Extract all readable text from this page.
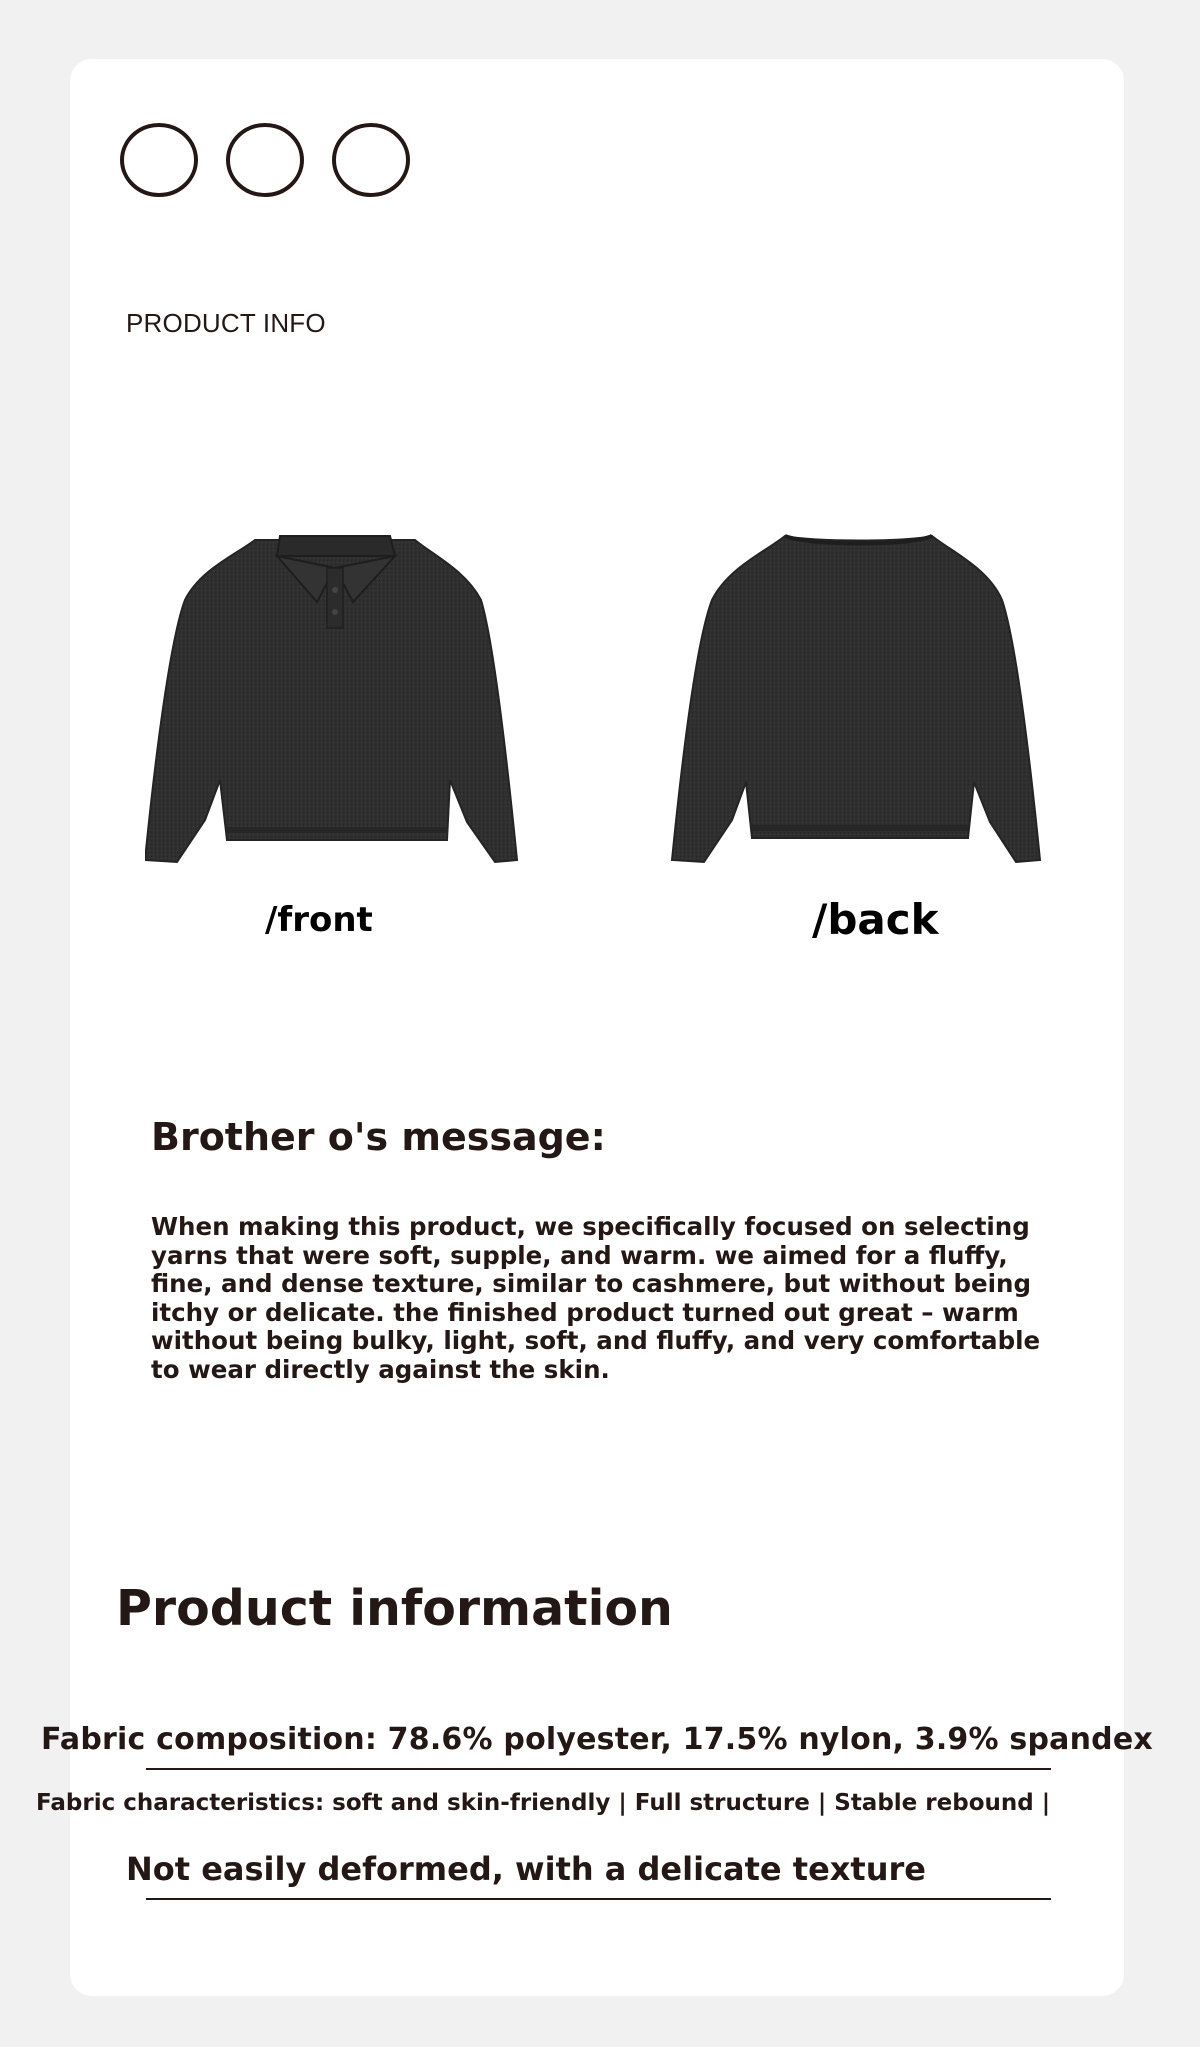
PRODUCT INFO
/front	/back
Brother o's message:
When making this product, we specifically focused on selecting yarns that were soft, supple, and warm. we aimed for a fluffy, fine, and dense texture, similar to cashmere, but without being itchy or delicate. the finished product turned out great – warm without being bulky, light, soft, and fluffy, and very comfortable to wear directly against the skin.
Product information
Fabric composition: 78.6% polyester, 17.5% nylon, 3.9% spandex
Fabric characteristics: soft and skin-friendly | Full structure | Stable rebound |
Not easily deformed, with a delicate texture
